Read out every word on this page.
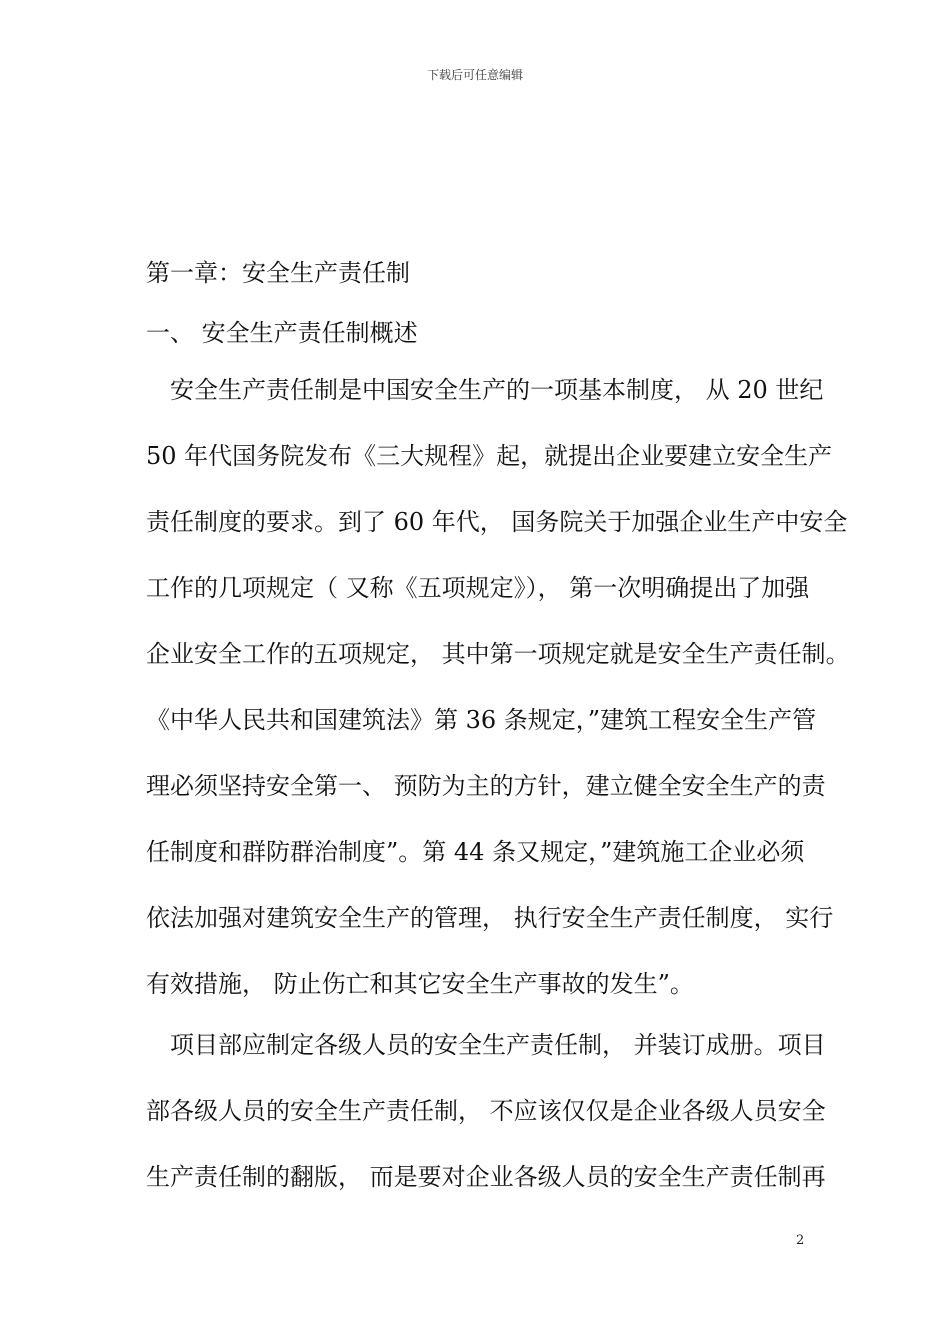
下载后可任意编辑
第一章：安全生产责任制
一、 安全生产责任制概述
　安全生产责任制是中国安全生产的一项基本制度， 从 20 世纪
50 年代国务院发布《三大规程》起，就提出企业要建立安全生产
责任制度的要求。到了 60 年代， 国务院关于加强企业生产中安全
工作的几项规定（ 又称《五项规定》）， 第一次明确提出了加强
企业安全工作的五项规定， 其中第一项规定就是安全生产责任制。
《中华人民共和国建筑法》第 36 条规定，”建筑工程安全生产管
理必须坚持安全第一、 预防为主的方针，建立健全安全生产的责
任制度和群防群治制度”。第 44 条又规定，”建筑施工企业必须
依法加强对建筑安全生产的管理， 执行安全生产责任制度， 实行
有效措施， 防止伤亡和其它安全生产事故的发生”。
　项目部应制定各级人员的安全生产责任制， 并装订成册。项目
部各级人员的安全生产责任制， 不应该仅仅是企业各级人员安全
生产责任制的翻版， 而是要对企业各级人员的安全生产责任制再
2
